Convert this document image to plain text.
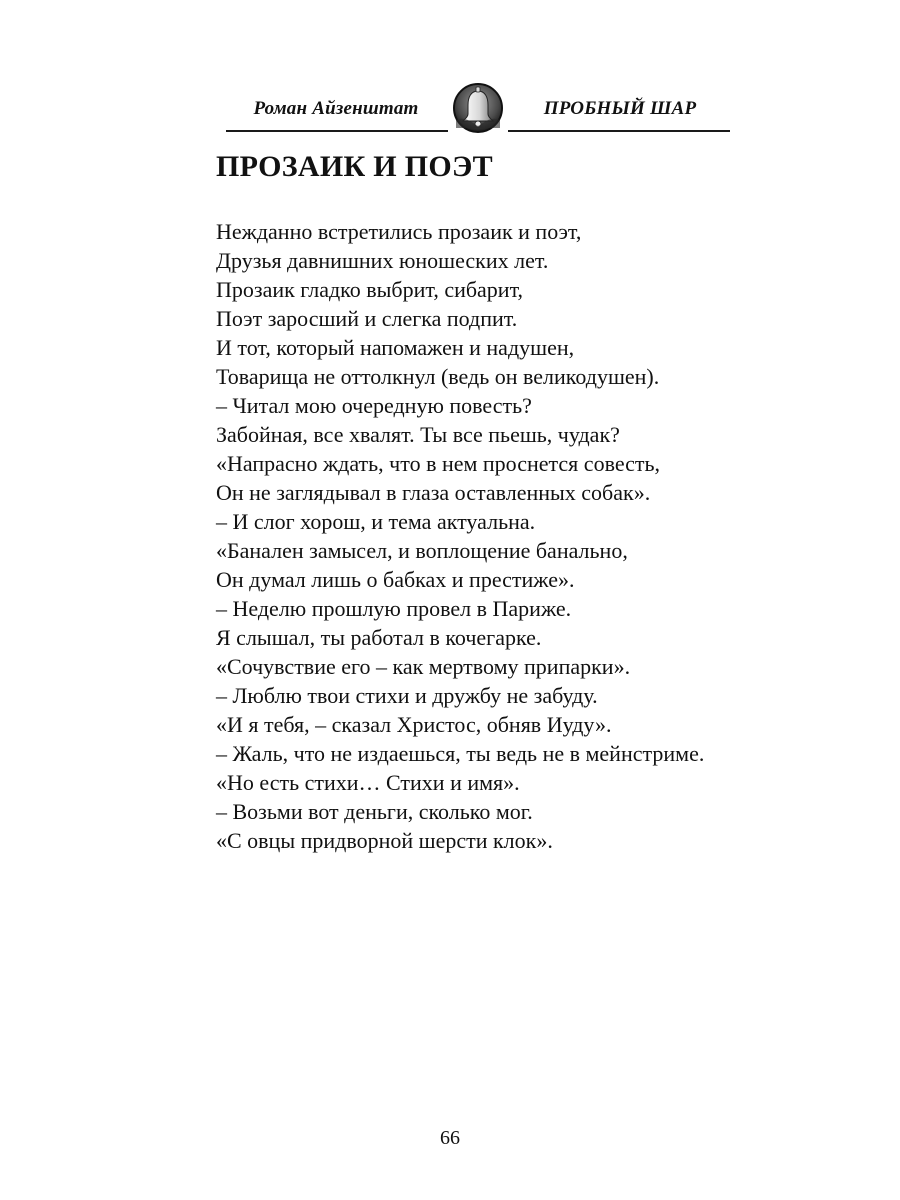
Роман Айзенштат	ПРОБНЫЙ ШАР
ПРОЗАИК И ПОЭТ
Нежданно встретились прозаик и поэт,
Друзья давнишних юношеских лет.
Прозаик гладко выбрит, сибарит,
Поэт заросший и слегка подпит.
И тот, который напомажен и надушен,
Товарища не оттолкнул (ведь он великодушен).
– Читал мою очередную повесть?
Забойная, все хвалят. Ты все пьешь, чудак?
«Напрасно ждать, что в нем проснется совесть,
Он не заглядывал в глаза оставленных собак».
– И слог хорош, и тема актуальна.
«Банален замысел, и воплощение банально,
Он думал лишь о бабках и престиже».
– Неделю прошлую провел в Париже.
Я слышал, ты работал в кочегарке.
«Сочувствие его – как мертвому припарки».
– Люблю твои стихи и дружбу не забуду.
«И я тебя, – сказал Христос, обняв Иуду».
– Жаль, что не издаешься, ты ведь не в мейнстриме.
«Но есть стихи… Стихи и имя».
– Возьми вот деньги, сколько мог.
«С овцы придворной шерсти клок».
66
